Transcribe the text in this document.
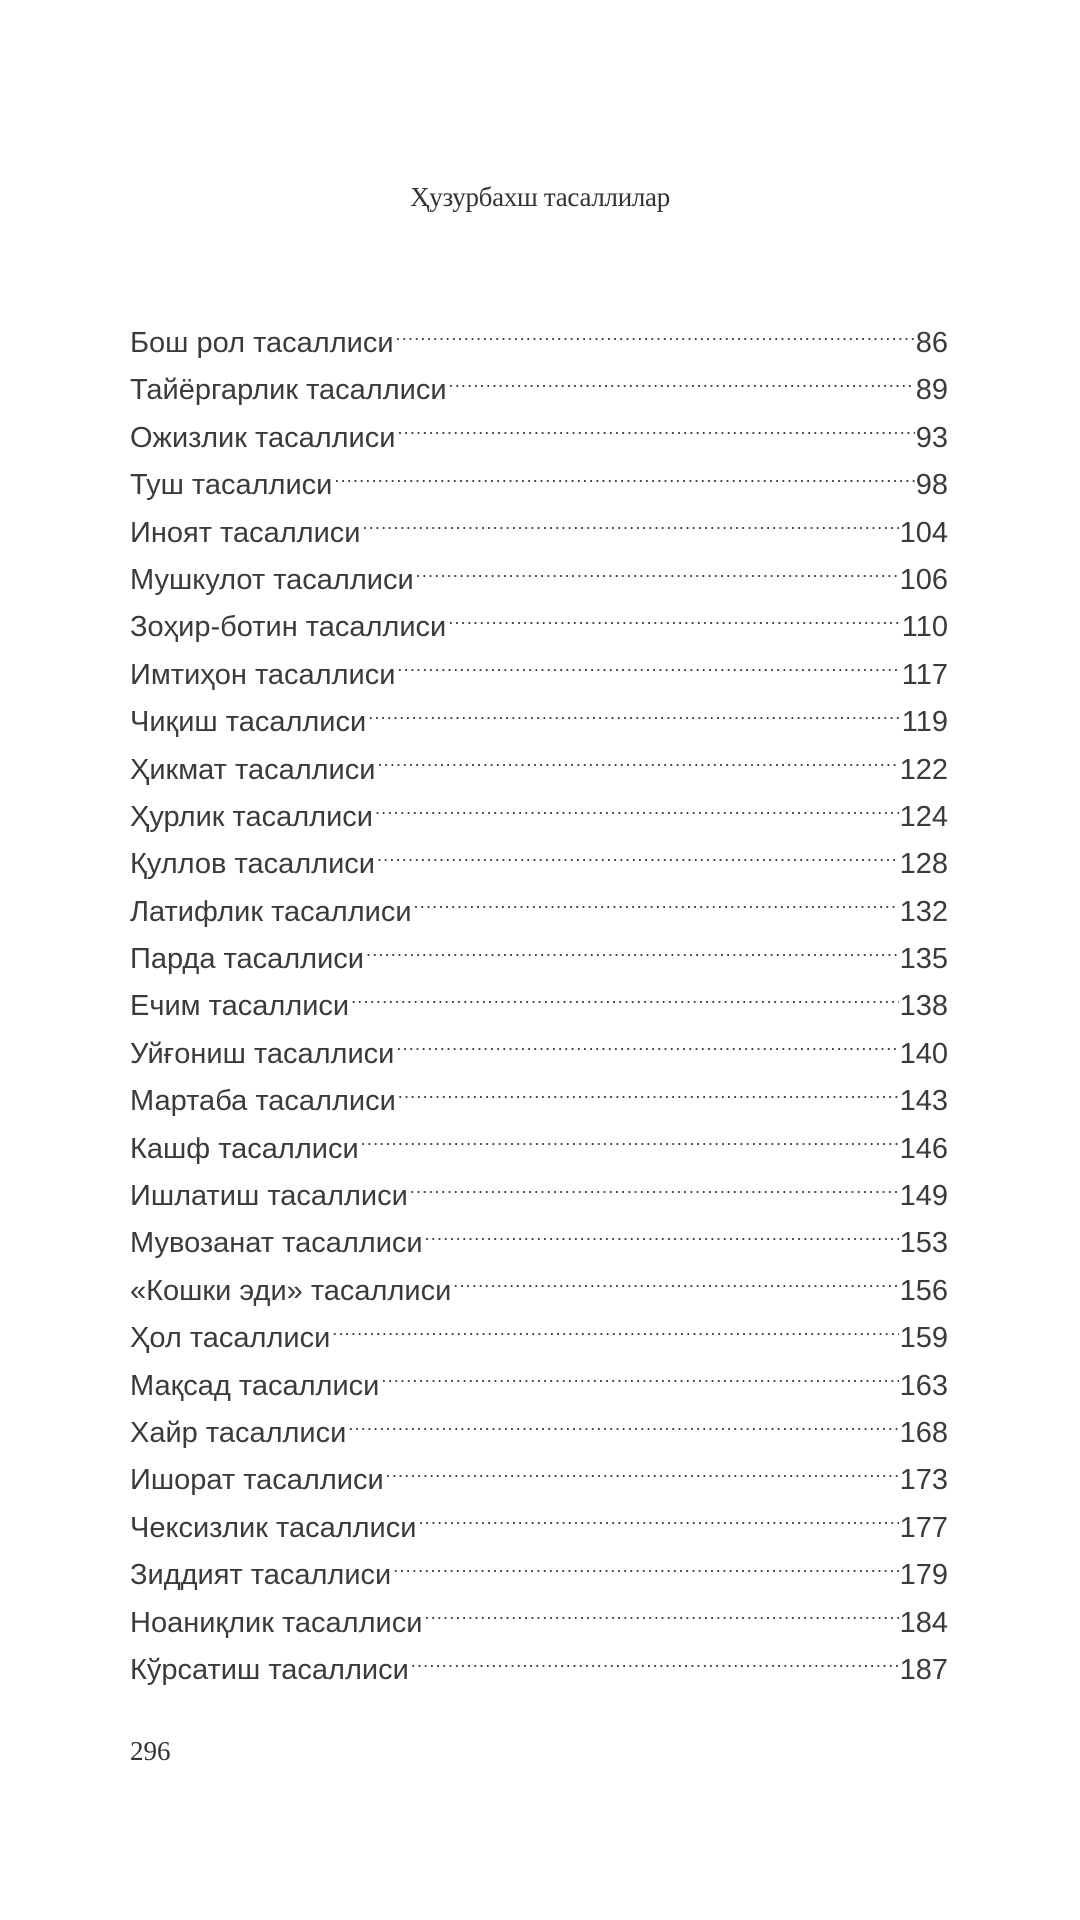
Ҳузурбахш тасаллилар
Бош рол тасаллиси .....	86
Тайёргарлик тасаллиси .....	89
Ожизлик тасаллиси .....	93
Туш тасаллиси .....	98
Иноят тасаллиси .....	104
Мушкулот тасаллиси .....	106
Зоҳир-ботин тасаллиси .....	110
Имтиҳон тасаллиси .....	117
Чиқиш тасаллиси .....	119
Ҳикмат тасаллиси .....	122
Ҳурлик тасаллиси .....	124
Қуллов тасаллиси .....	128
Латифлик тасаллиси .....	132
Парда тасаллиси .....	135
Ечим тасаллиси .....	138
Уйғониш тасаллиси .....	140
Мартаба тасаллиси .....	143
Кашф тасаллиси .....	146
Ишлатиш тасаллиси .....	149
Мувозанат тасаллиси .....	153
«Кошки эди» тасаллиси .....	156
Ҳол тасаллиси .....	159
Мақсад тасаллиси .....	163
Хайр тасаллиси .....	168
Ишорат тасаллиси .....	173
Чексизлик тасаллиси .....	177
Зиддият тасаллиси .....	179
Ноаниқлик тасаллиси .....	184
Кўрсатиш тасаллиси .....	187
296
